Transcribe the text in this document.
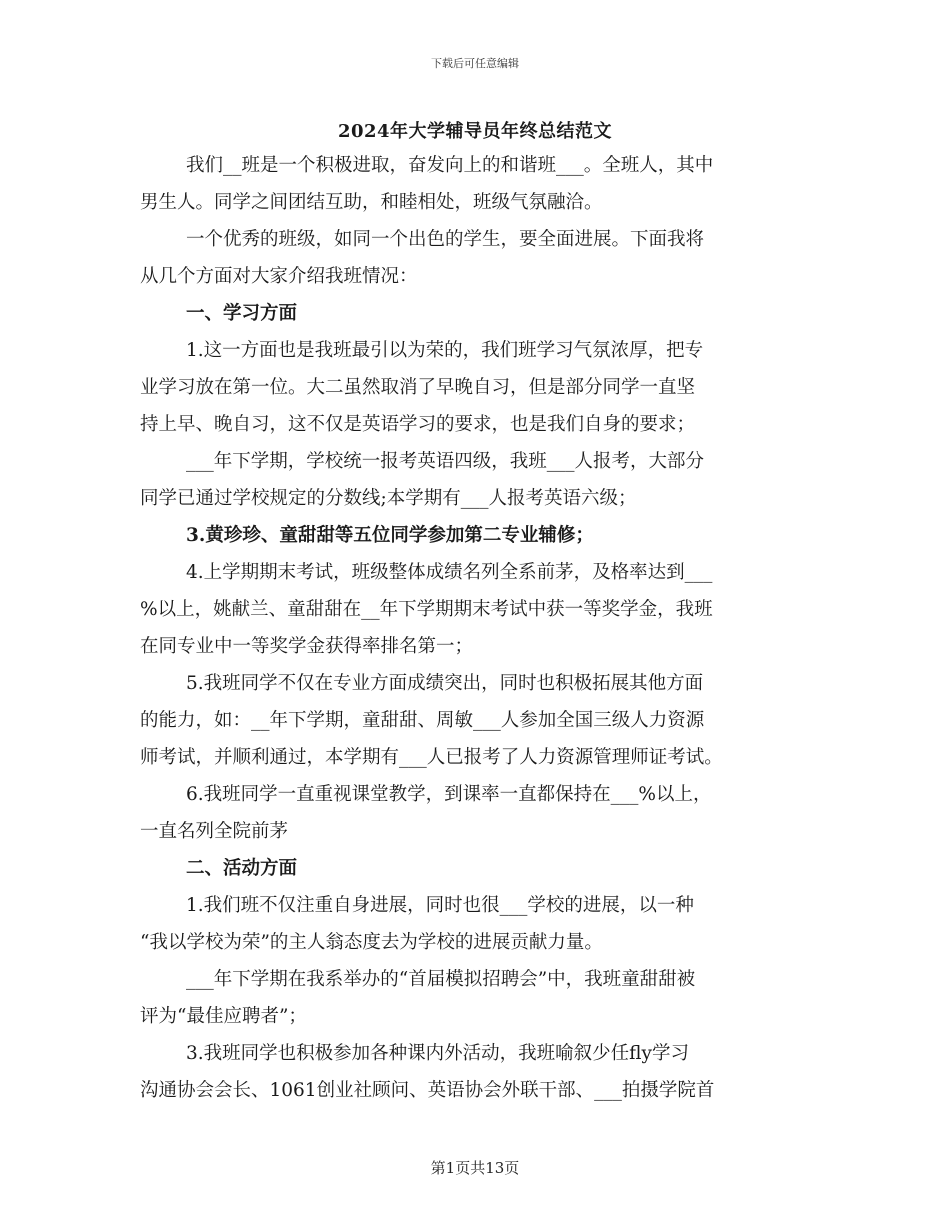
下载后可任意编辑
2024年大学辅导员年终总结范文
我们__班是一个积极进取，奋发向上的和谐班___。全班人，其中
男生人。同学之间团结互助，和睦相处，班级气氛融洽。
一个优秀的班级，如同一个出色的学生，要全面进展。下面我将
从几个方面对大家介绍我班情况：
一、学习方面
1.这一方面也是我班最引以为荣的，我们班学习气氛浓厚，把专
业学习放在第一位。大二虽然取消了早晚自习，但是部分同学一直坚
持上早、晚自习，这不仅是英语学习的要求，也是我们自身的要求；
___年下学期，学校统一报考英语四级，我班___人报考，大部分
同学已通过学校规定的分数线;本学期有___人报考英语六级；
3.黄珍珍、童甜甜等五位同学参加第二专业辅修；
4.上学期期末考试，班级整体成绩名列全系前茅，及格率达到___
%以上，姚献兰、童甜甜在__年下学期期末考试中获一等奖学金，我班
在同专业中一等奖学金获得率排名第一；
5.我班同学不仅在专业方面成绩突出，同时也积极拓展其他方面
的能力，如：__年下学期，童甜甜、周敏___人参加全国三级人力资源
师考试，并顺利通过，本学期有___人已报考了人力资源管理师证考试。
6.我班同学一直重视课堂教学，到课率一直都保持在___%以上，
一直名列全院前茅
二、活动方面
1.我们班不仅注重自身进展，同时也很___学校的进展，以一种
“我以学校为荣”的主人翁态度去为学校的进展贡献力量。
___年下学期在我系举办的“首届模拟招聘会”中，我班童甜甜被
评为“最佳应聘者”；
3.我班同学也积极参加各种课内外活动，我班喻叙少任fly学习
沟通协会会长、1061创业社顾问、英语协会外联干部、___拍摄学院首
第1页共13页
